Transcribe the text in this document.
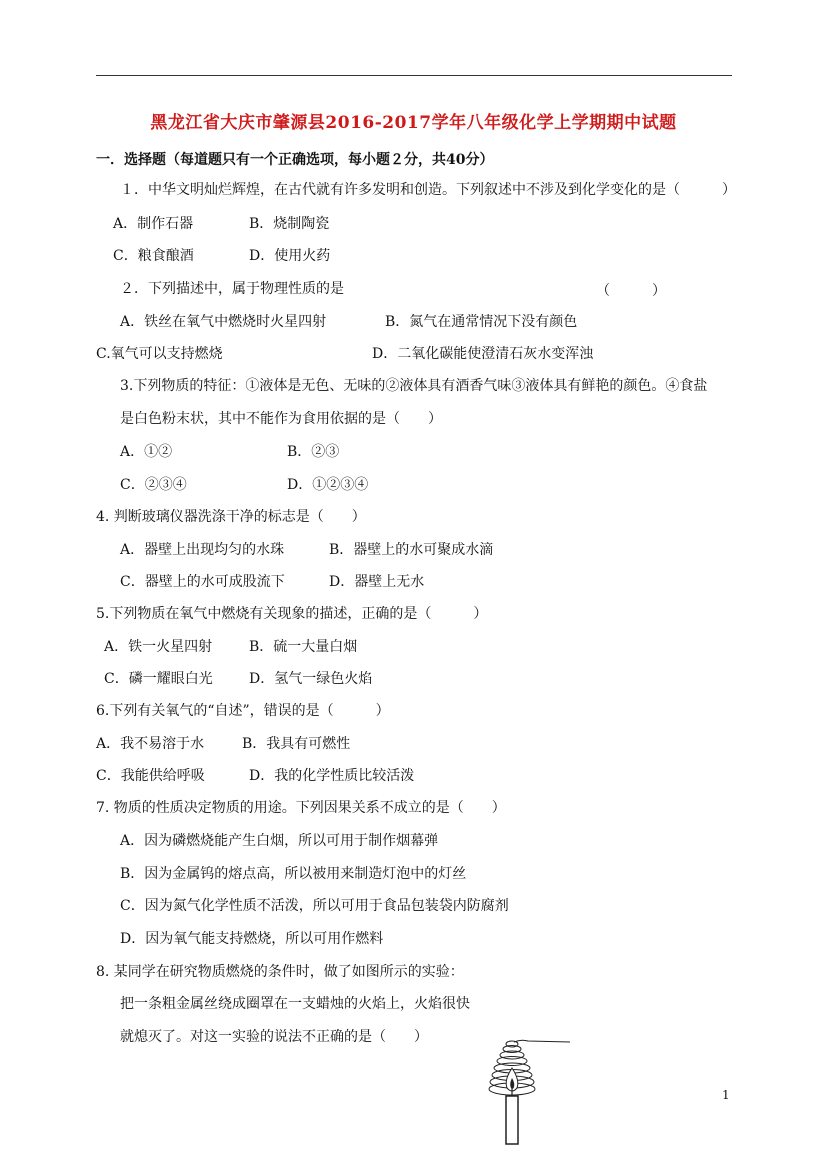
黑龙江省大庆市肇源县2016-2017学年八年级化学上学期期中试题
一．选择题（每道题只有一个正确选项，每小题２分，共40分）
１．中华文明灿烂辉煌，在古代就有许多发明和创造。下列叙述中不涉及到化学变化的是（　　　）
A．制作石器	B．烧制陶瓷
C．粮食酿酒	D．使用火药
２．下列描述中，属于物理性质的是	（　　　）
A．铁丝在氧气中燃烧时火星四射	B．氮气在通常情况下没有颜色
C.氧气可以支持燃烧	D．二氧化碳能使澄清石灰水变浑浊
3.下列物质的特征：①液体是无色、无味的②液体具有酒香气味③液体具有鲜艳的颜色。④食盐
是白色粉末状，其中不能作为食用依据的是（　　）
A．①②	B．②③
C．②③④	D．①②③④
4. 判断玻璃仪器洗涤干净的标志是（　　）
A．器壁上出现均匀的水珠	B．器壁上的水可聚成水滴
C．器壁上的水可成股流下	D．器壁上无水
5.下列物质在氧气中燃烧有关现象的描述，正确的是（　　　）
A．铁一火星四射	B．硫一大量白烟
C．磷一耀眼白光	D．氢气一绿色火焰
6.下列有关氧气的“自述”，错误的是（　　　）
A．我不易溶于水	B．我具有可燃性
C．我能供给呼吸	D．我的化学性质比较活泼
7. 物质的性质决定物质的用途。下列因果关系不成立的是（　　）
A．因为磷燃烧能产生白烟，所以可用于制作烟幕弹
B．因为金属钨的熔点高，所以被用来制造灯泡中的灯丝
C．因为氮气化学性质不活泼，所以可用于食品包装袋内防腐剂
D．因为氧气能支持燃烧，所以可用作燃料
8. 某同学在研究物质燃烧的条件时，做了如图所示的实验：
把一条粗金属丝绕成圈罩在一支蜡烛的火焰上，火焰很快
就熄灭了。对这一实验的说法不正确的是（　　）
1
